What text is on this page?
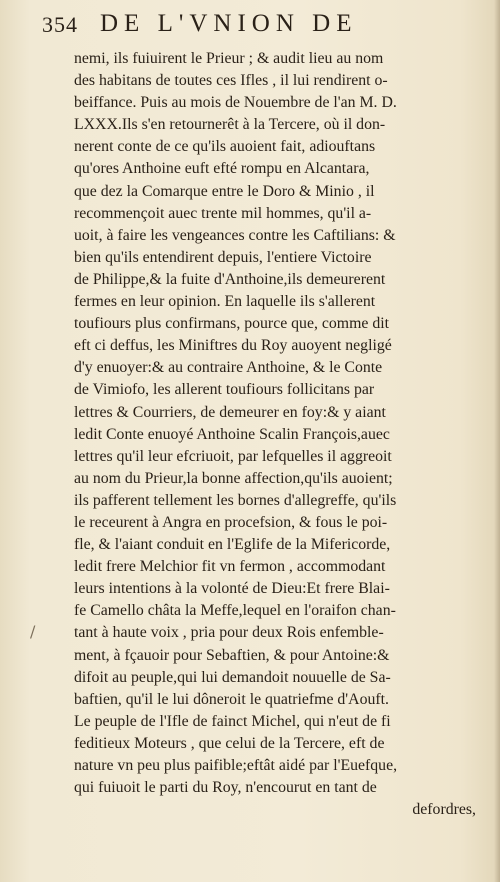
354 DE L'VNION DE
/
nemi, ils fuiuirent le Prieur ; & audit lieu au nom
des habitans de toutes ces Ifles , il lui rendirent o-
beiffance. Puis au mois de Nouembre de l'an M. D.
LXXX.Ils s'en retournerêt à la Tercere, où il don-
nerent conte de ce qu'ils auoient fait, adiouftans
qu'ores Anthoine euft efté rompu en Alcantara,
que dez la Comarque entre le Doro & Minio , il
recommençoit auec trente mil hommes, qu'il a-
uoit, à faire les vengeances contre les Caftilians: &
bien qu'ils entendirent depuis, l'entiere Victoire
de Philippe,& la fuite d'Anthoine,ils demeurerent
fermes en leur opinion. En laquelle ils s'allerent
toufiours plus confirmans, pource que, comme dit
eft ci deffus, les Miniftres du Roy auoyent negligé
d'y enuoyer:& au contraire Anthoine, & le Conte
de Vimiofo, les allerent toufiours follicitans par
lettres & Courriers, de demeurer en foy:& y aiant
ledit Conte enuoyé Anthoine Scalin François,auec
lettres qu'il leur efcriuoit, par lefquelles il aggreoit
au nom du Prieur,la bonne affection,qu'ils auoient;
ils pafferent tellement les bornes d'allegreffe, qu'ils
le receurent à Angra en procefsion, & fous le poi-
fle, & l'aiant conduit en l'Eglife de la Mifericorde,
ledit frere Melchior fit vn fermon , accommodant
leurs intentions à la volonté de Dieu:Et frere Blai-
fe Camello châta la Meffe,lequel en l'oraifon chan-
tant à haute voix , pria pour deux Rois enfemble-
ment, à fçauoir pour Sebaftien, & pour Antoine:&
difoit au peuple,qui lui demandoit nouuelle de Sa-
baftien, qu'il le lui dôneroit le quatriefme d'Aouft.
Le peuple de l'Ifle de fainct Michel, qui n'eut de fi
feditieux Moteurs , que celui de la Tercere, eft de
nature vn peu plus paifible;eftât aidé par l'Euefque,
qui fuiuoit le parti du Roy, n'encourut en tant de
defordres,
